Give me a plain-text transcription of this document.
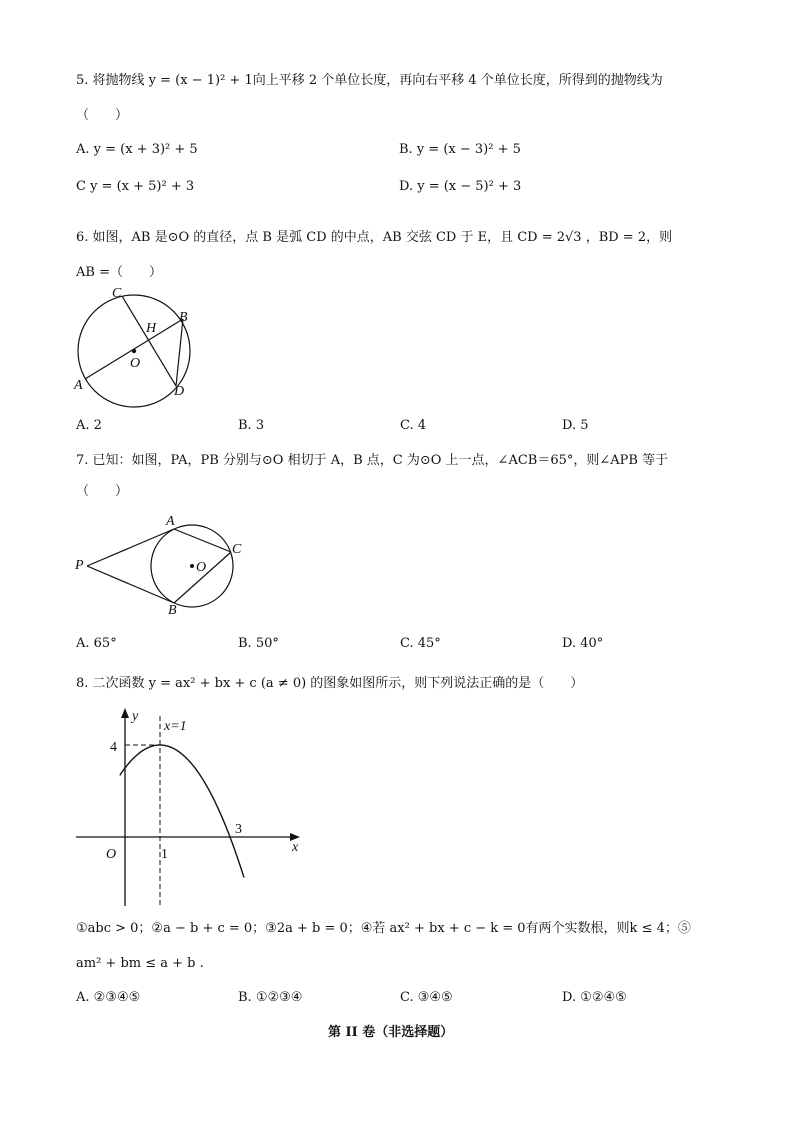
5. 将抛物线 y = (x − 1)² + 1向上平移 2 个单位长度，再向右平移 4 个单位长度，所得到的抛物线为
（　　）
A. y = (x + 3)² + 5	B. y = (x − 3)² + 5
C y = (x + 5)² + 3	D. y = (x − 5)² + 3
6. 如图，AB 是⊙O 的直径，点 B 是弧 CD 的中点，AB 交弦 CD 于 E，且 CD = 2√3 ，BD = 2，则
AB =（　　）
C
H
B
O
A	D
A. 2	B. 3	C. 4	D. 5
7. 已知：如图，PA，PB 分别与⊙O 相切于 A，B 点，C 为⊙O 上一点，∠ACB＝65°，则∠APB 等于
（　　）
A
C
P	O
B
A. 65°	B. 50°	C. 45°	D. 40°
8. 二次函数 y = ax² + bx + c (a ≠ 0) 的图象如图所示，则下列说法正确的是（　　）
y
x=1
4
3
O	1	x
①abc > 0；②a − b + c = 0；③2a + b = 0；④若 ax² + bx + c − k = 0有两个实数根，则k ≤ 4；⑤
am² + bm ≤ a + b .
A. ②③④⑤	B. ①②③④	C. ③④⑤	D. ①②④⑤
第 II 卷（非选择题）
